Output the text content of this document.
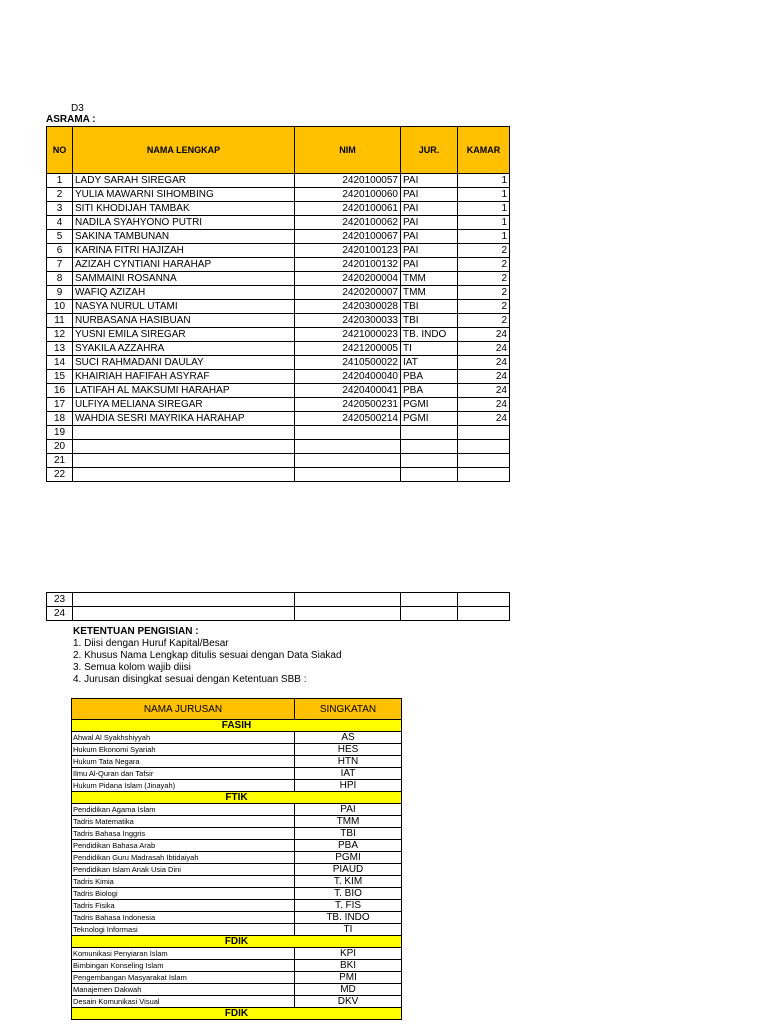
D3
ASRAMA :
NO	NAMA LENGKAP	NIM	JUR.	KAMAR
1	LADY SARAH SIREGAR	2420100057	PAI	1
2	YULIA MAWARNI SIHOMBING	2420100060	PAI	1
3	SITI KHODIJAH TAMBAK	2420100061	PAI	1
4	NADILA SYAHYONO PUTRI	2420100062	PAI	1
5	SAKINA TAMBUNAN	2420100067	PAI	1
6	KARINA FITRI HAJIZAH	2420100123	PAI	2
7	AZIZAH CYNTIANI HARAHAP	2420100132	PAI	2
8	SAMMAINI ROSANNA	2420200004	TMM	2
9	WAFIQ AZIZAH	2420200007	TMM	2
10	NASYA NURUL UTAMI	2420300028	TBI	2
11	NURBASANA HASIBUAN	2420300033	TBI	2
12	YUSNI EMILA SIREGAR	2421000023	TB. INDO	24
13	SYAKILA AZZAHRA	2421200005	TI	24
14	SUCI RAHMADANI DAULAY	2410500022	IAT	24
15	KHAIRIAH HAFIFAH ASYRAF	2420400040	PBA	24
16	LATIFAH AL MAKSUMI HARAHAP	2420400041	PBA	24
17	ULFIYA MELIANA SIREGAR	2420500231	PGMI	24
18	WAHDIA SESRI MAYRIKA HARAHAP	2420500214	PGMI	24
19				
20				
21				
22				
23				
24				
KETENTUAN PENGISIAN :
1. Diisi dengan Huruf Kapital/Besar
2. Khusus Nama Lengkap ditulis sesuai dengan Data Siakad
3. Semua kolom wajib diisi
4. Jurusan disingkat sesuai dengan Ketentuan SBB :
NAMA JURUSAN	SINGKATAN
FASIH	
Ahwal Al Syakhshiyyah	AS
Hukum Ekonomi Syariah	HES
Hukum Tata Negara	HTN
Ilmu Al-Quran dan Tafsir	IAT
Hukum Pidana Islam (Jinayah)	HPI
FTIK	
Pendidikan Agama Islam	PAI
Tadris Matematika	TMM
Tadris Bahasa Inggris	TBI
Pendidikan Bahasa Arab	PBA
Pendidikan Guru Madrasah Ibtidaiyah	PGMI
Pendidikan Islam Anak Usia Dini	PIAUD
Tadris Kimia	T. KIM
Tadris Biologi	T. BIO
Tadris Fisika	T. FIS
Tadris Bahasa Indonesia	TB. INDO
Teknologi Informasi	TI
FDIK	
Komunikasi Penyiaran Islam	KPI
Bimbingan Konseling Islam	BKI
Pengembangan Masyarakat Islam	PMI
Manajemen Dakwah	MD
Desain Komunikasi Visual	DKV
FDIK	
